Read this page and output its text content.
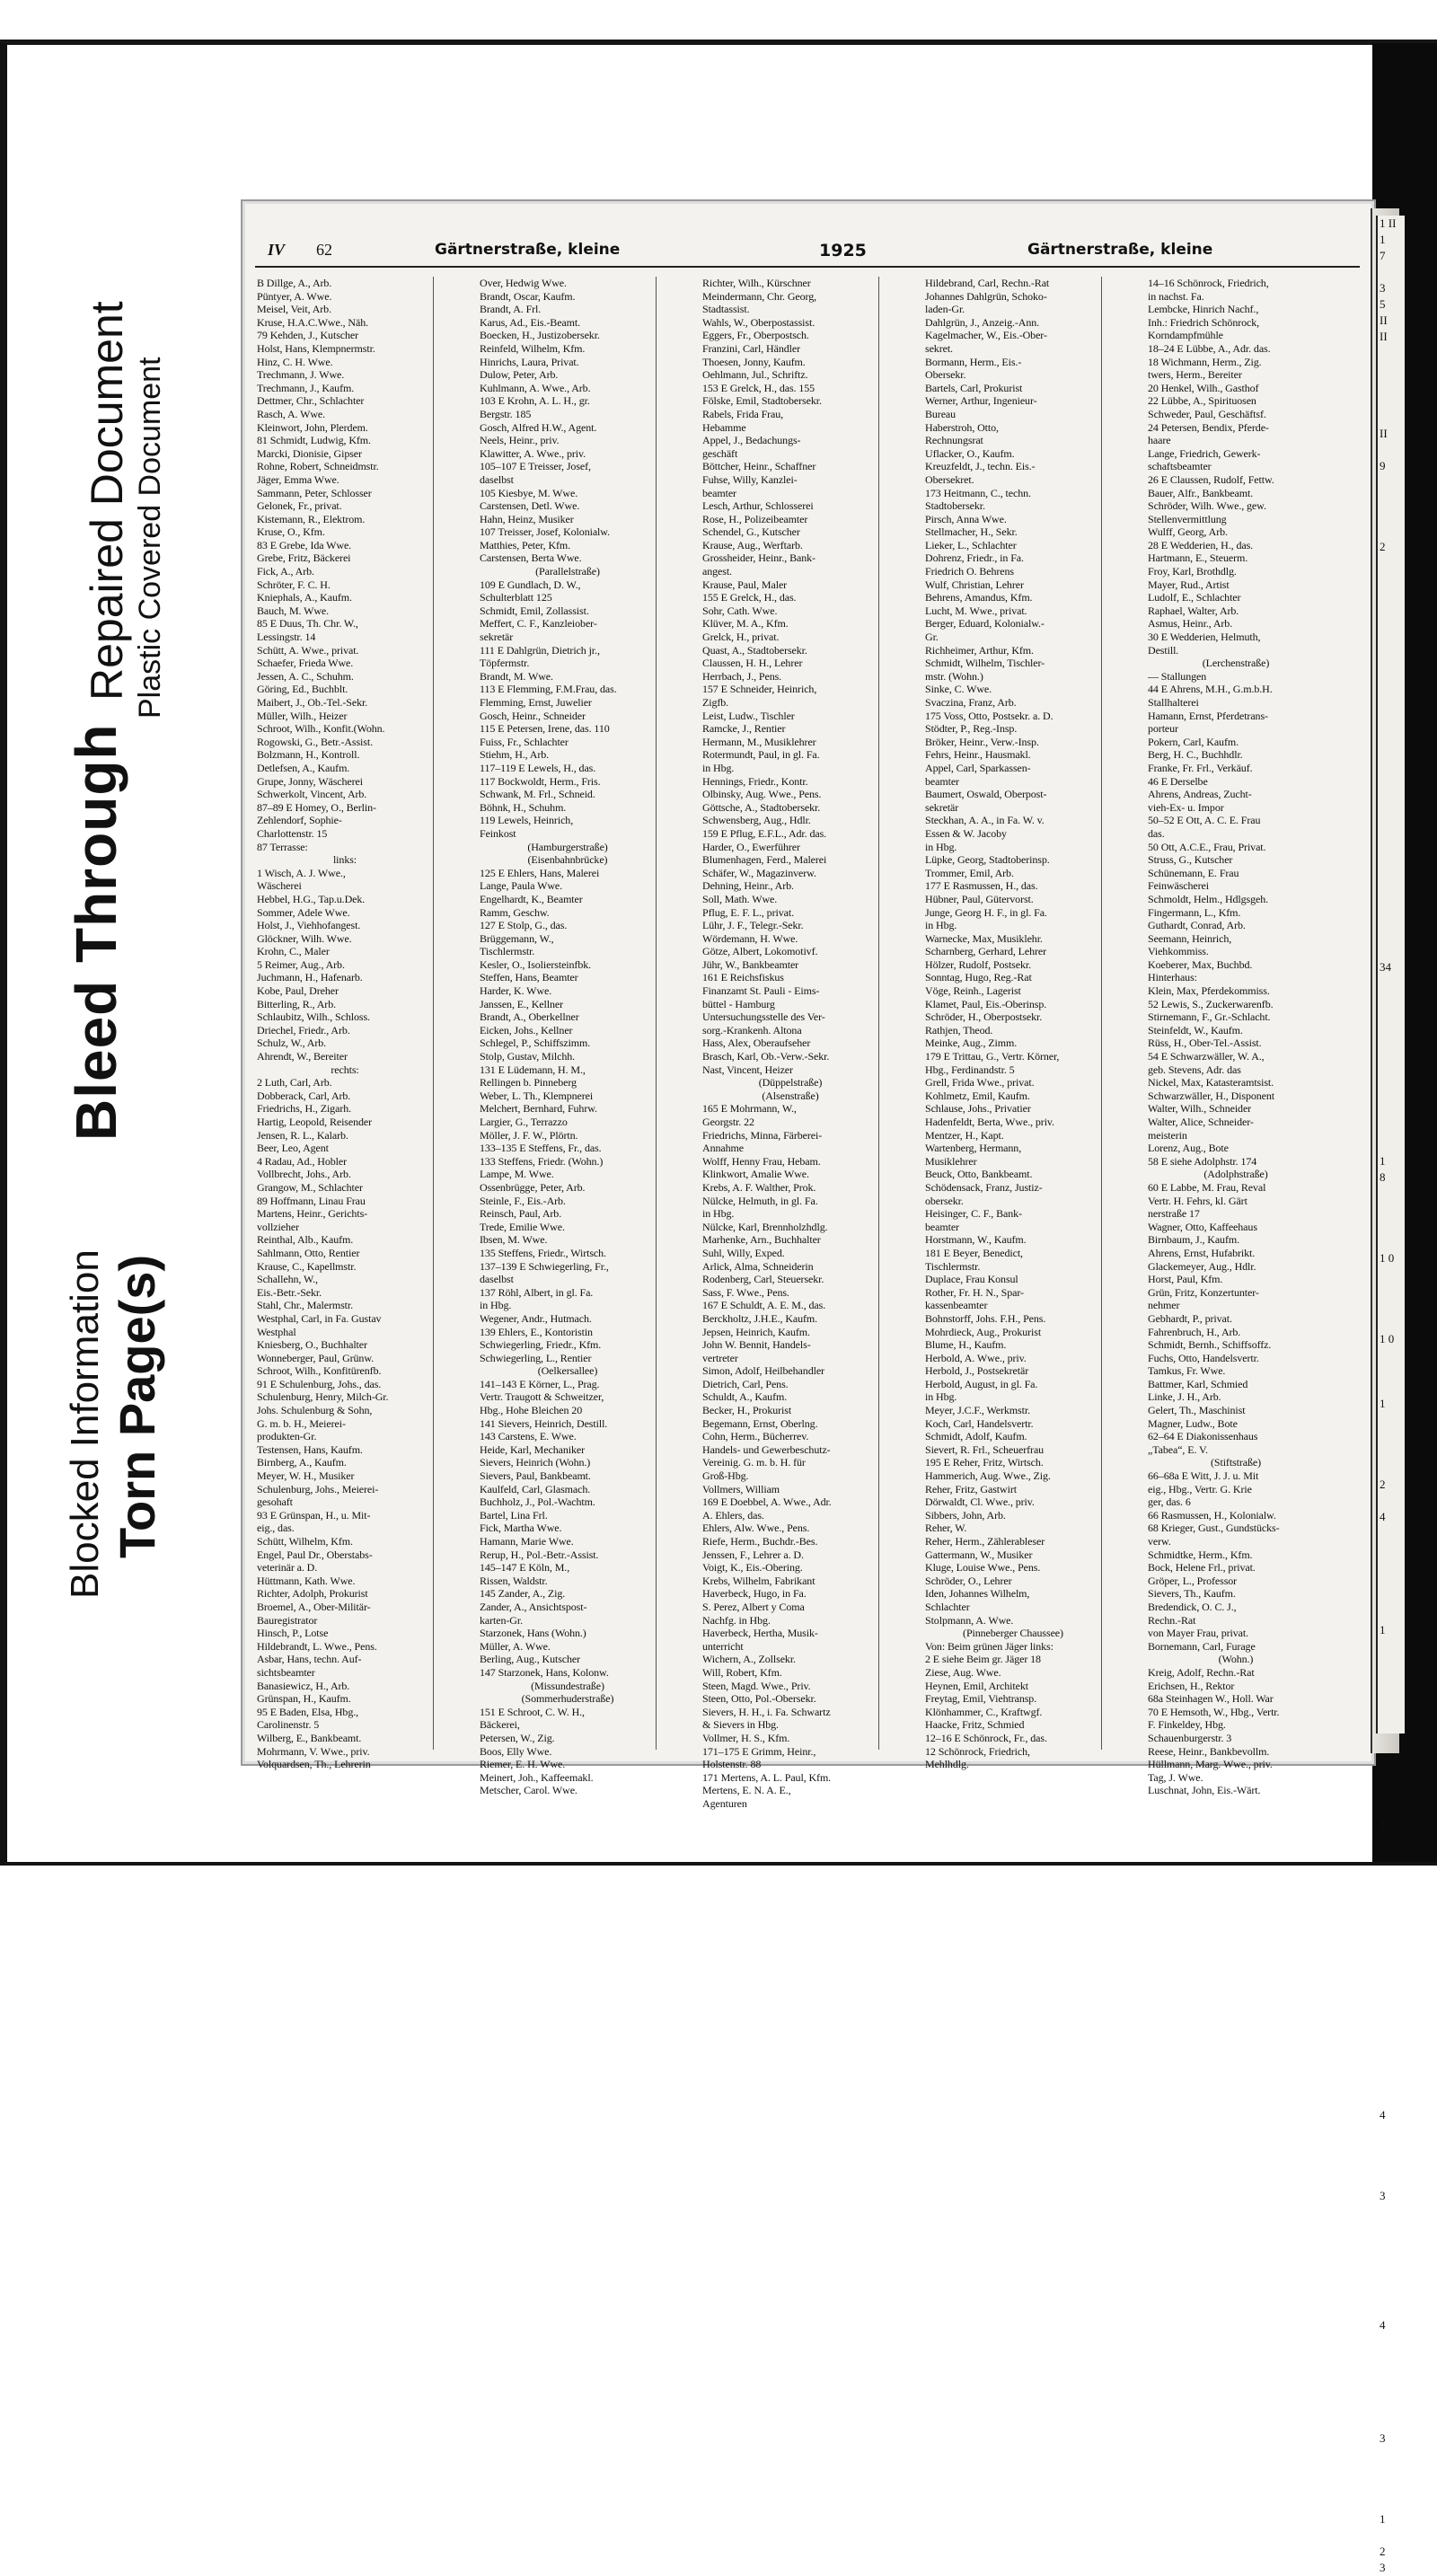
Blocked Information Torn Page(s)
Bleed Through
Repaired Document Plastic Covered Document
IV 62	Gärtnerstraße, kleine	1925	Gärtnerstraße, kleine
B Dillge, A., Arb.
Püntyer, A. Wwe.
Meisel, Veit, Arb.
Kruse, H.A.C.Wwe., Näh.
79 Kehden, J., Kutscher
Holst, Hans, Klempnermstr.
Hinz, C. H. Wwe.
Trechmann, J. Wwe.
Trechmann, J., Kaufm.
Dettmer, Chr., Schlachter
Rasch, A. Wwe.
Kleinwort, John, Plerdem.
81 Schmidt, Ludwig, Kfm.
Marcki, Dionisie, Gipser
Rohne, Robert, Schneidmstr.
Jäger, Emma Wwe.
Sammann, Peter, Schlosser
Gelonek, Fr., privat.
Kistemann, R., Elektrom.
Kruse, O., Kfm.
83 E Grebe, Ida Wwe.
Grebe, Fritz, Bäckerei
Fick, A., Arb.
Schröter, F. C. H.
Kniephals, A., Kaufm.
Bauch, M. Wwe.
85 E Duus, Th. Chr. W.,
Lessingstr. 14
Schütt, A. Wwe., privat.
Schaefer, Frieda Wwe.
Jessen, A. C., Schuhm.
Göring, Ed., Buchblt.
Maibert, J., Ob.-Tel.-Sekr.
Müller, Wilh., Heizer
Schroot, Wilh., Konfit.(Wohn.
Rogowski, G., Betr.-Assist.
Bolzmann, H., Kontroll.
Detlefsen, A., Kaufm.
Grupe, Jonny, Wäscherei
Schwerkolt, Vincent, Arb.
87–89 E Homey, O., Berlin-
Zehlendorf, Sophie-
Charlottenstr. 15
87 Terrasse:
links:
1 Wisch, A. J. Wwe.,
Wäscherei
Hebbel, H.G., Tap.u.Dek.
Sommer, Adele Wwe.
Holst, J., Viehhofangest.
Glöckner, Wilh. Wwe.
Krohn, C., Maler
5 Reimer, Aug., Arb.
Juchmann, H., Hafenarb.
Kobe, Paul, Dreher
Bitterling, R., Arb.
Schlaubitz, Wilh., Schloss.
Driechel, Friedr., Arb.
Schulz, W., Arb.
Ahrendt, W., Bereiter
rechts:
2 Luth, Carl, Arb.
Dobberack, Carl, Arb.
Friedrichs, H., Zigarh.
Hartig, Leopold, Reisender
Jensen, R. L., Kalarb.
Beer, Leo, Agent
4 Radau, Ad., Hobler
Vollbrecht, Johs., Arb.
Grangow, M., Schlachter
89 Hoffmann, Linau Frau
Martens, Heinr., Gerichts-
vollzieher
Reinthal, Alb., Kaufm.
Sahlmann, Otto, Rentier
Krause, C., Kapellmstr.
Schallehn, W.,
Eis.-Betr.-Sekr.
Stahl, Chr., Malermstr.
Westphal, Carl, in Fa. Gustav
Westphal
Kniesberg, O., Buchhalter
Wonneberger, Paul, Grünw.
Schroot, Wilh., Konfitürenfb.
91 E Schulenburg, Johs., das.
Schulenburg, Henry, Milch-Gr.
Johs. Schulenburg & Sohn,
G. m. b. H., Meierei-
produkten-Gr.
Testensen, Hans, Kaufm.
Birnberg, A., Kaufm.
Meyer, W. H., Musiker
Schulenburg, Johs., Meierei-
gesohaft
93 E Grünspan, H., u. Mit-
eig., das.
Schütt, Wilhelm, Kfm.
Engel, Paul Dr., Oberstabs-
veterinär a. D.
Hüttmann, Kath. Wwe.
Richter, Adolph, Prokurist
Broemel, A., Ober-Militär-
Bauregistrator
Hinsch, P., Lotse
Hildebrandt, L. Wwe., Pens.
Asbar, Hans, techn. Auf-
sichtsbeamter
Banasiewicz, H., Arb.
Grünspan, H., Kaufm.
95 E Baden, Elsa, Hbg.,
Carolinenstr. 5
Wilberg, E., Bankbeamt.
Mohrmann, V. Wwe., priv.
Volquardsen, Th., Lehrerin
Over, Hedwig Wwe.
Brandt, Oscar, Kaufm.
Brandt, A. Frl.
Karus, Ad., Eis.-Beamt.
Boecken, H., Justizobersekr.
Reinfeld, Wilhelm, Kfm.
Hinrichs, Laura, Privat.
Dulow, Peter, Arb.
Kuhlmann, A. Wwe., Arb.
103 E Krohn, A. L. H., gr.
Bergstr. 185
Gosch, Alfred H.W., Agent.
Neels, Heinr., priv.
Klawitter, A. Wwe., priv.
105–107 E Treisser, Josef,
daselbst
105 Kiesbye, M. Wwe.
Carstensen, Detl. Wwe.
Hahn, Heinz, Musiker
107 Treisser, Josef, Kolonialw.
Matthies, Peter, Kfm.
Carstensen, Berta Wwe.
(Parallelstraße)
109 E Gundlach, D. W.,
Schulterblatt 125
Schmidt, Emil, Zollassist.
Meffert, C. F., Kanzleiober-
sekretär
111 E Dahlgrün, Dietrich jr.,
Töpfermstr.
Brandt, M. Wwe.
113 E Flemming, F.M.Frau, das.
Flemming, Ernst, Juwelier
Gosch, Heinr., Schneider
115 E Petersen, Irene, das. 110
Fuiss, Fr., Schlachter
Stiehm, H., Arb.
117–119 E Lewels, H., das.
117 Bockwoldt, Herm., Fris.
Schwank, M. Frl., Schneid.
Böhnk, H., Schuhm.
119 Lewels, Heinrich,
Feinkost
(Hamburgerstraße)
(Eisenbahnbrücke)
125 E Ehlers, Hans, Malerei
Lange, Paula Wwe.
Engelhardt, K., Beamter
Ramm, Geschw.
127 E Stolp, G., das.
Brüggemann, W.,
Tischlermstr.
Kesler, O., Isoliersteinfbk.
Steffen, Hans, Beamter
Harder, K. Wwe.
Janssen, E., Kellner
Brandt, A., Oberkellner
Eicken, Johs., Kellner
Schlegel, P., Schiffszimm.
Stolp, Gustav, Milchh.
131 E Lüdemann, H. M.,
Rellingen b. Pinneberg
Weber, L. Th., Klempnerei
Melchert, Bernhard, Fuhrw.
Largier, G., Terrazzo
Möller, J. F. W., Plörtn.
133–135 E Steffens, Fr., das.
133 Steffens, Friedr. (Wohn.)
Lampe, M. Wwe.
Ossenbrügge, Peter, Arb.
Steinle, F., Eis.-Arb.
Reinsch, Paul, Arb.
Trede, Emilie Wwe.
Ibsen, M. Wwe.
135 Steffens, Friedr., Wirtsch.
137–139 E Schwiegerling, Fr.,
daselbst
137 Röhl, Albert, in gl. Fa.
in Hbg.
Wegener, Andr., Hutmach.
139 Ehlers, E., Kontoristin
Schwiegerling, Friedr., Kfm.
Schwiegerling, L., Rentier
(Oelkersallee)
141–143 E Körner, L., Prag.
Vertr. Traugott & Schweitzer,
Hbg., Hohe Bleichen 20
141 Sievers, Heinrich, Destill.
143 Carstens, E. Wwe.
Heide, Karl, Mechaniker
Sievers, Heinrich (Wohn.)
Sievers, Paul, Bankbeamt.
Kaulfeld, Carl, Glasmach.
Buchholz, J., Pol.-Wachtm.
Bartel, Lina Frl.
Fick, Martha Wwe.
Hamann, Marie Wwe.
Rerup, H., Pol.-Betr.-Assist.
145–147 E Köln, M.,
Rissen, Waldstr.
145 Zander, A., Zig.
Zander, A., Ansichtspost-
karten-Gr.
Starzonek, Hans (Wohn.)
Müller, A. Wwe.
Berling, Aug., Kutscher
147 Starzonek, Hans, Kolonw.
(Missundestraße)
(Sommerhuderstraße)
151 E Schroot, C. W. H.,
Bäckerei,
Petersen, W., Zig.
Boos, Elly Wwe.
Riemer, E. H. Wwe.
Meinert, Joh., Kaffeemakl.
Metscher, Carol. Wwe.
Richter, Wilh., Kürschner
Meindermann, Chr. Georg,
Stadtassist.
Wahls, W., Oberpostassist.
Eggers, Fr., Oberpostsch.
Franzini, Carl, Händler
Thoesen, Jonny, Kaufm.
Oehlmann, Jul., Schriftz.
153 E Grelck, H., das. 155
Fölske, Emil, Stadtobersekr.
Rabels, Frida Frau,
Hebamme
Appel, J., Bedachungs-
geschäft
Böttcher, Heinr., Schaffner
Fuhse, Willy, Kanzlei-
beamter
Lesch, Arthur, Schlosserei
Rose, H., Polizeibeamter
Schendel, G., Kutscher
Krause, Aug., Werftarb.
Grossheider, Heinr., Bank-
angest.
Krause, Paul, Maler
155 E Grelck, H., das.
Sohr, Cath. Wwe.
Klüver, M. A., Kfm.
Grelck, H., privat.
Quast, A., Stadtobersekr.
Claussen, H. H., Lehrer
Herrbach, J., Pens.
157 E Schneider, Heinrich,
Zigfb.
Leist, Ludw., Tischler
Ramcke, J., Rentier
Hermann, M., Musiklehrer
Rotermundt, Paul, in gl. Fa.
in Hbg.
Hennings, Friedr., Kontr.
Olbinsky, Aug. Wwe., Pens.
Göttsche, A., Stadtobersekr.
Schwensberg, Aug., Hdlr.
159 E Pflug, E.F.L., Adr. das.
Harder, O., Ewerführer
Blumenhagen, Ferd., Malerei
Schäfer, W., Magazinverw.
Dehning, Heinr., Arb.
Soll, Math. Wwe.
Pflug, E. F. L., privat.
Lühr, J. F., Telegr.-Sekr.
Wördemann, H. Wwe.
Götze, Albert, Lokomotivf.
Jühr, W., Bankbeamter
161 E Reichsfiskus
Finanzamt St. Pauli - Eims-
büttel - Hamburg
Untersuchungsstelle des Ver-
sorg.-Krankenh. Altona
Hass, Alex, Oberaufseher
Brasch, Karl, Ob.-Verw.-Sekr.
Nast, Vincent, Heizer
(Düppelstraße)
(Alsenstraße)
165 E Mohrmann, W.,
Georgstr. 22
Friedrichs, Minna, Färberei-
Annahme
Wolff, Henny Frau, Hebam.
Klinkwort, Amalie Wwe.
Krebs, A. F. Walther, Prok.
Nülcke, Helmuth, in gl. Fa.
in Hbg.
Nülcke, Karl, Brennholzhdlg.
Marhenke, Arn., Buchhalter
Suhl, Willy, Exped.
Arlick, Alma, Schneiderin
Rodenberg, Carl, Steuersekr.
Sass, F. Wwe., Pens.
167 E Schuldt, A. E. M., das.
Berckholtz, J.H.E., Kaufm.
Jepsen, Heinrich, Kaufm.
John W. Bennit, Handels-
vertreter
Simon, Adolf, Heilbehandler
Dietrich, Carl, Pens.
Schuldt, A., Kaufm.
Becker, H., Prokurist
Begemann, Ernst, Oberlng.
Cohn, Herm., Bücherrev.
Handels- und Gewerbeschutz-
Vereinig. G. m. b. H. für
Groß-Hbg.
Vollmers, William
169 E Doebbel, A. Wwe., Adr.
A. Ehlers, das.
Ehlers, Alw. Wwe., Pens.
Riefe, Herm., Buchdr.-Bes.
Jenssen, F., Lehrer a. D.
Voigt, K., Eis.-Obering.
Krebs, Wilhelm, Fabrikant
Haverbeck, Hugo, in Fa.
S. Perez, Albert y Coma
Nachfg. in Hbg.
Haverbeck, Hertha, Musik-
unterricht
Wichern, A., Zollsekr.
Will, Robert, Kfm.
Steen, Magd. Wwe., Priv.
Steen, Otto, Pol.-Obersekr.
Sievers, H. H., i. Fa. Schwartz
& Sievers in Hbg.
Vollmer, H. S., Kfm.
171–175 E Grimm, Heinr.,
Holstenstr. 88
171 Mertens, A. L. Paul, Kfm.
Mertens, E. N. A. E.,
Agenturen
Hildebrand, Carl, Rechn.-Rat
Johannes Dahlgrün, Schoko-
laden-Gr.
Dahlgrün, J., Anzeig.-Ann.
Kagelmacher, W., Eis.-Ober-
sekret.
Bormann, Herm., Eis.-
Obersekr.
Bartels, Carl, Prokurist
Werner, Arthur, Ingenieur-
Bureau
Haberstroh, Otto,
Rechnungsrat
Uflacker, O., Kaufm.
Kreuzfeldt, J., techn. Eis.-
Obersekret.
173 Heitmann, C., techn.
Stadtobersekr.
Pirsch, Anna Wwe.
Stellmacher, H., Sekr.
Lieker, L., Schlachter
Dohrenz, Friedr., in Fa.
Friedrich O. Behrens
Wulf, Christian, Lehrer
Behrens, Amandus, Kfm.
Lucht, M. Wwe., privat.
Berger, Eduard, Kolonialw.-
Gr.
Richheimer, Arthur, Kfm.
Schmidt, Wilhelm, Tischler-
mstr. (Wohn.)
Sinke, C. Wwe.
Svaczina, Franz, Arb.
175 Voss, Otto, Postsekr. a. D.
Stödter, P., Reg.-Insp.
Bröker, Heinr., Verw.-Insp.
Fehrs, Heinr., Hausmakl.
Appel, Carl, Sparkassen-
beamter
Baumert, Oswald, Oberpost-
sekretär
Steckhan, A. A., in Fa. W. v.
Essen & W. Jacoby
in Hbg.
Lüpke, Georg, Stadtoberinsp.
Trommer, Emil, Arb.
177 E Rasmussen, H., das.
Hübner, Paul, Gütervorst.
Junge, Georg H. F., in gl. Fa.
in Hbg.
Warnecke, Max, Musiklehr.
Scharnberg, Gerhard, Lehrer
Hölzer, Rudolf, Postsekr.
Sonntag, Hugo, Reg.-Rat
Vöge, Reinh., Lagerist
Klamet, Paul, Eis.-Oberinsp.
Schröder, H., Oberpostsekr.
Rathjen, Theod.
Meinke, Aug., Zimm.
179 E Trittau, G., Vertr. Körner,
Hbg., Ferdinandstr. 5
Grell, Frida Wwe., privat.
Kohlmetz, Emil, Kaufm.
Schlause, Johs., Privatier
Hadenfeldt, Berta, Wwe., priv.
Mentzer, H., Kapt.
Wartenberg, Hermann,
Musiklehrer
Beuck, Otto, Bankbeamt.
Schödensack, Franz, Justiz-
obersekr.
Heisinger, C. F., Bank-
beamter
Horstmann, W., Kaufm.
181 E Beyer, Benedict,
Tischlermstr.
Duplace, Frau Konsul
Rother, Fr. H. N., Spar-
kassenbeamter
Bohnstorff, Johs. F.H., Pens.
Mohrdieck, Aug., Prokurist
Blume, H., Kaufm.
Herbold, A. Wwe., priv.
Herbold, J., Postsekretär
Herbold, August, in gl. Fa.
in Hbg.
Meyer, J.C.F., Werkmstr.
Koch, Carl, Handelsvertr.
Schmidt, Adolf, Kaufm.
Sievert, R. Frl., Scheuerfrau
195 E Reher, Fritz, Wirtsch.
Hammerich, Aug. Wwe., Zig.
Reher, Fritz, Gastwirt
Dörwaldt, Cl. Wwe., priv.
Sibbers, John, Arb.
Reher, W.
Reher, Herm., Zählerableser
Gattermann, W., Musiker
Kluge, Louise Wwe., Pens.
Schröder, O., Lehrer
Iden, Johannes Wilhelm,
Schlachter
Stolpmann, A. Wwe.
(Pinneberger Chaussee)
Von: Beim grünen Jäger links:
2 E siehe Beim gr. Jäger 18
Ziese, Aug. Wwe.
Heynen, Emil, Architekt
Freytag, Emil, Viehtransp.
Klönhammer, C., Kraftwgf.
Haacke, Fritz, Schmied
12–16 E Schönrock, Fr., das.
12 Schönrock, Friedrich,
Mehlhdlg.
14–16 Schönrock, Friedrich,
in nachst. Fa.
Lembcke, Hinrich Nachf.,
Inh.: Friedrich Schönrock,
Korndampfmühle
18–24 E Lübbe, A., Adr. das.
18 Wichmann, Herm., Zig.
twers, Herm., Bereiter
20 Henkel, Wilh., Gasthof
22 Lübbe, A., Spirituosen
Schweder, Paul, Geschäftsf.
24 Petersen, Bendix, Pferde-
haare
Lange, Friedrich, Gewerk-
schaftsbeamter
26 E Claussen, Rudolf, Fettw.
Bauer, Alfr., Bankbeamt.
Schröder, Wilh. Wwe., gew.
Stellenvermittlung
Wulff, Georg, Arb.
28 E Wedderien, H., das.
Hartmann, E., Steuerm.
Froy, Karl, Brothdlg.
Mayer, Rud., Artist
Ludolf, E., Schlachter
Raphael, Walter, Arb.
Asmus, Heinr., Arb.
30 E Wedderien, Helmuth,
Destill.
(Lerchenstraße)
— Stallungen
44 E Ahrens, M.H., G.m.b.H.
Stallhalterei
Hamann, Ernst, Pferdetrans-
porteur
Pokern, Carl, Kaufm.
Berg, H. C., Buchhdlr.
Franke, Fr. Frl., Verkäuf.
46 E Derselbe
Ahrens, Andreas, Zucht-
vieh-Ex- u. Impor
50–52 E Ott, A. C. E. Frau
das.
50 Ott, A.C.E., Frau, Privat.
Struss, G., Kutscher
Schünemann, E. Frau
Feinwäscherei
Schmoldt, Helm., Hdlgsgeh.
Fingermann, L., Kfm.
Guthardt, Conrad, Arb.
Seemann, Heinrich,
Viehkommiss.
Koeberer, Max, Buchbd.
Hinterhaus:
Klein, Max, Pferdekommiss.
52 Lewis, S., Zuckerwarenfb.
Stirnemann, F., Gr.-Schlacht.
Steinfeldt, W., Kaufm.
Rüss, H., Ober-Tel.-Assist.
54 E Schwarzwäller, W. A.,
geb. Stevens, Adr. das
Nickel, Max, Katasteramtsist.
Schwarzwäller, H., Disponent
Walter, Wilh., Schneider
Walter, Alice, Schneider-
meisterin
Lorenz, Aug., Bote
58 E siehe Adolphstr. 174
(Adolphstraße)
60 E Labbe, M. Frau, Reval
Vertr. H. Fehrs, kl. Gärt
nerstraße 17
Wagner, Otto, Kaffeehaus
Birnbaum, J., Kaufm.
Ahrens, Ernst, Hufabrikt.
Glackemeyer, Aug., Hdlr.
Horst, Paul, Kfm.
Grün, Fritz, Konzertunter-
nehmer
Gebhardt, P., privat.
Fahrenbruch, H., Arb.
Schmidt, Bernh., Schiffsoffz.
Fuchs, Otto, Handelsvertr.
Tamkus, Fr. Wwe.
Battmer, Karl, Schmied
Linke, J. H., Arb.
Gelert, Th., Maschinist
Magner, Ludw., Bote
62–64 E Diakonissenhaus
„Tabea“, E. V.
(Stiftstraße)
66–68a E Witt, J. J. u. Mit
eig., Hbg., Vertr. G. Krie
ger, das. 6
66 Rasmussen, H., Kolonialw.
68 Krieger, Gust., Gundstücks-
verw.
Schmidtke, Herm., Kfm.
Bock, Helene Frl., privat.
Gröper, L., Professor
Sievers, Th., Kaufm.
Bredendick, O. C. J.,
Rechn.-Rat
von Mayer Frau, privat.
Bornemann, Carl, Furage
(Wohn.)
Kreig, Adolf, Rechn.-Rat
Erichsen, H., Rektor
68a Steinhagen W., Holl. War
70 E Hemsoth, W., Hbg., Vertr.
F. Finkeldey, Hbg.
Schauenburgerstr. 3
Reese, Heinr., Bankbevollm.
Hüllmann, Marg. Wwe., priv.
Tag, J. Wwe.
Luschnat, John, Eis.-Wärt.
1 II
1
7

3
5
II
II

II

9

2

34

1
8

1 0

1 0

1

2

4

1

1

4

3

4

3

1

2
3
